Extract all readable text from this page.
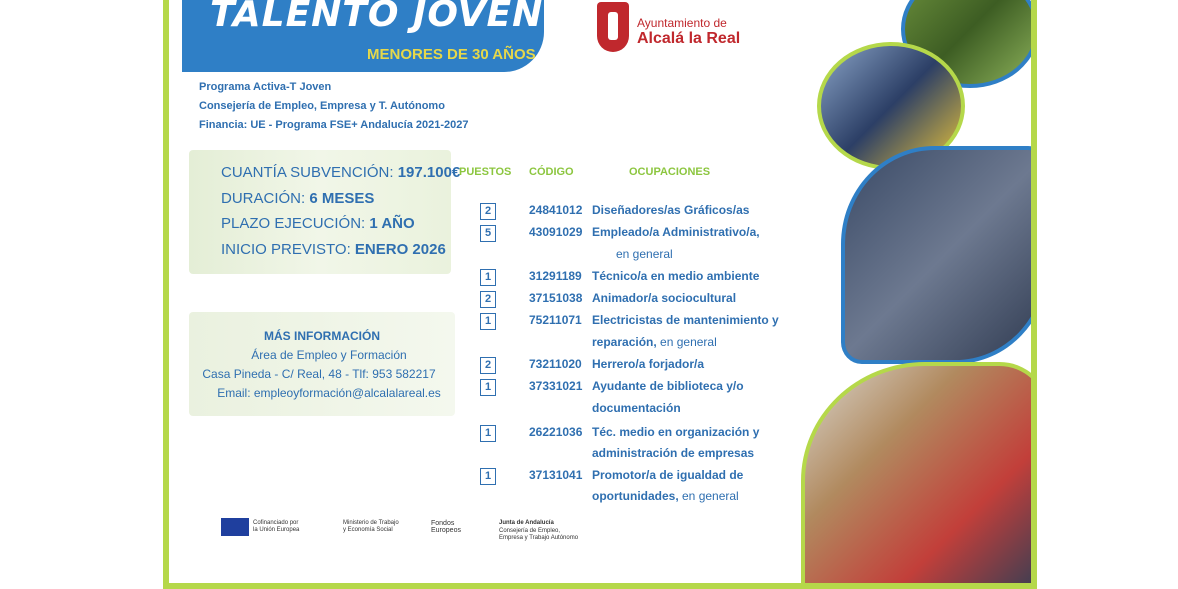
TALENTO JOVEN
MENORES DE 30 AÑOS
Ayuntamiento de
Alcalá la Real
Programa Activa-T Joven
Consejería de Empleo, Empresa y T. Autónomo
Financia: UE - Programa FSE+ Andalucía 2021-2027
CUANTÍA SUBVENCIÓN: 197.100€
DURACIÓN: 6 MESES
PLAZO EJECUCIÓN: 1 AÑO
INICIO PREVISTO: ENERO 2026
MÁS INFORMACIÓN
Área de Empleo y Formación
Casa Pineda - C/ Real, 48 - Tlf: 953 582217
Email: empleoyformación@alcalalareal.es
PUESTOS CÓDIGO	OCUPACIONES
2	24841012 Diseñadores/as Gráficos/as
5	43091029 Empleado/a Administrativo/a,
en general
1	31291189 Técnico/a en medio ambiente
2	37151038 Animador/a sociocultural
1	75211071 Electricistas de mantenimiento y
reparación, en general
2	73211020 Herrero/a forjador/a
1	37331021 Ayudante de biblioteca y/o
documentación
1	26221036 Téc. medio en organización y
administración de empresas
1	37131041 Promotor/a de igualdad de
oportunidades, en general
Cofinanciado por la Unión Europea
Ministerio de Trabajo y Economía Social
Fondos Europeos
Junta de Andalucía
Consejería de Empleo, Empresa y Trabajo Autónomo
